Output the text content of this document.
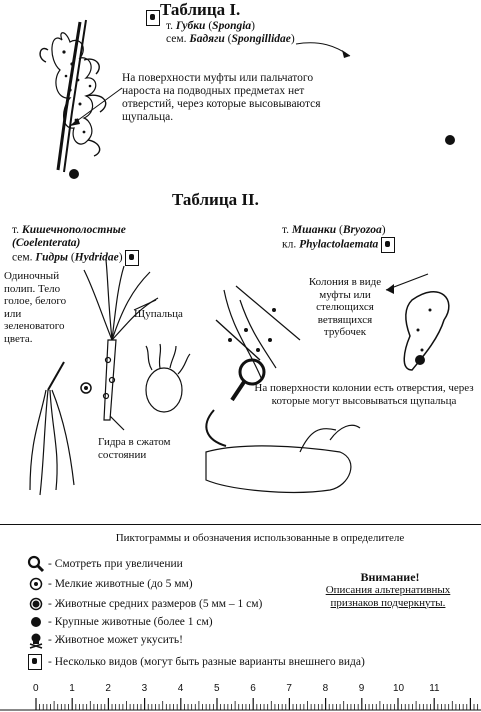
Таблица I.
т. Губки (Spongia)
сем. Бадяги (Spongillidae)
На поверхности муфты или пальчатого нароста на подводных предметах нет отверстий, через которые высовываются щупальца.
Таблица II.
т. Кишечнополостные
(Coelenterata)
сем. Гидры (Hydridae)
Одиночный полип. Тело голое, белого или зеленоватого цвета.
Щупальца
Гидра в сжатом состоянии
т. Мшанки (Bryozoa)
кл. Phylactolaemata
Колония в виде муфты или стелющихся ветвящихся трубочек
На поверхности колонии есть отверстия, через которые могут высовываться щупальца
Пиктограммы и обозначения использованные в определителе
- Смотреть при увеличении
- Мелкие животные (до 5 мм)
- Животные средних размеров (5 мм – 1 см)
- Крупные животные (более 1 см)
- Животное может укусить!
- Несколько видов (могут быть разные варианты внешнего вида)
Внимание!
Описания альтернативных признаков подчеркнуты.
0	1	2	3	4	5	6	7	8	9	10	11
